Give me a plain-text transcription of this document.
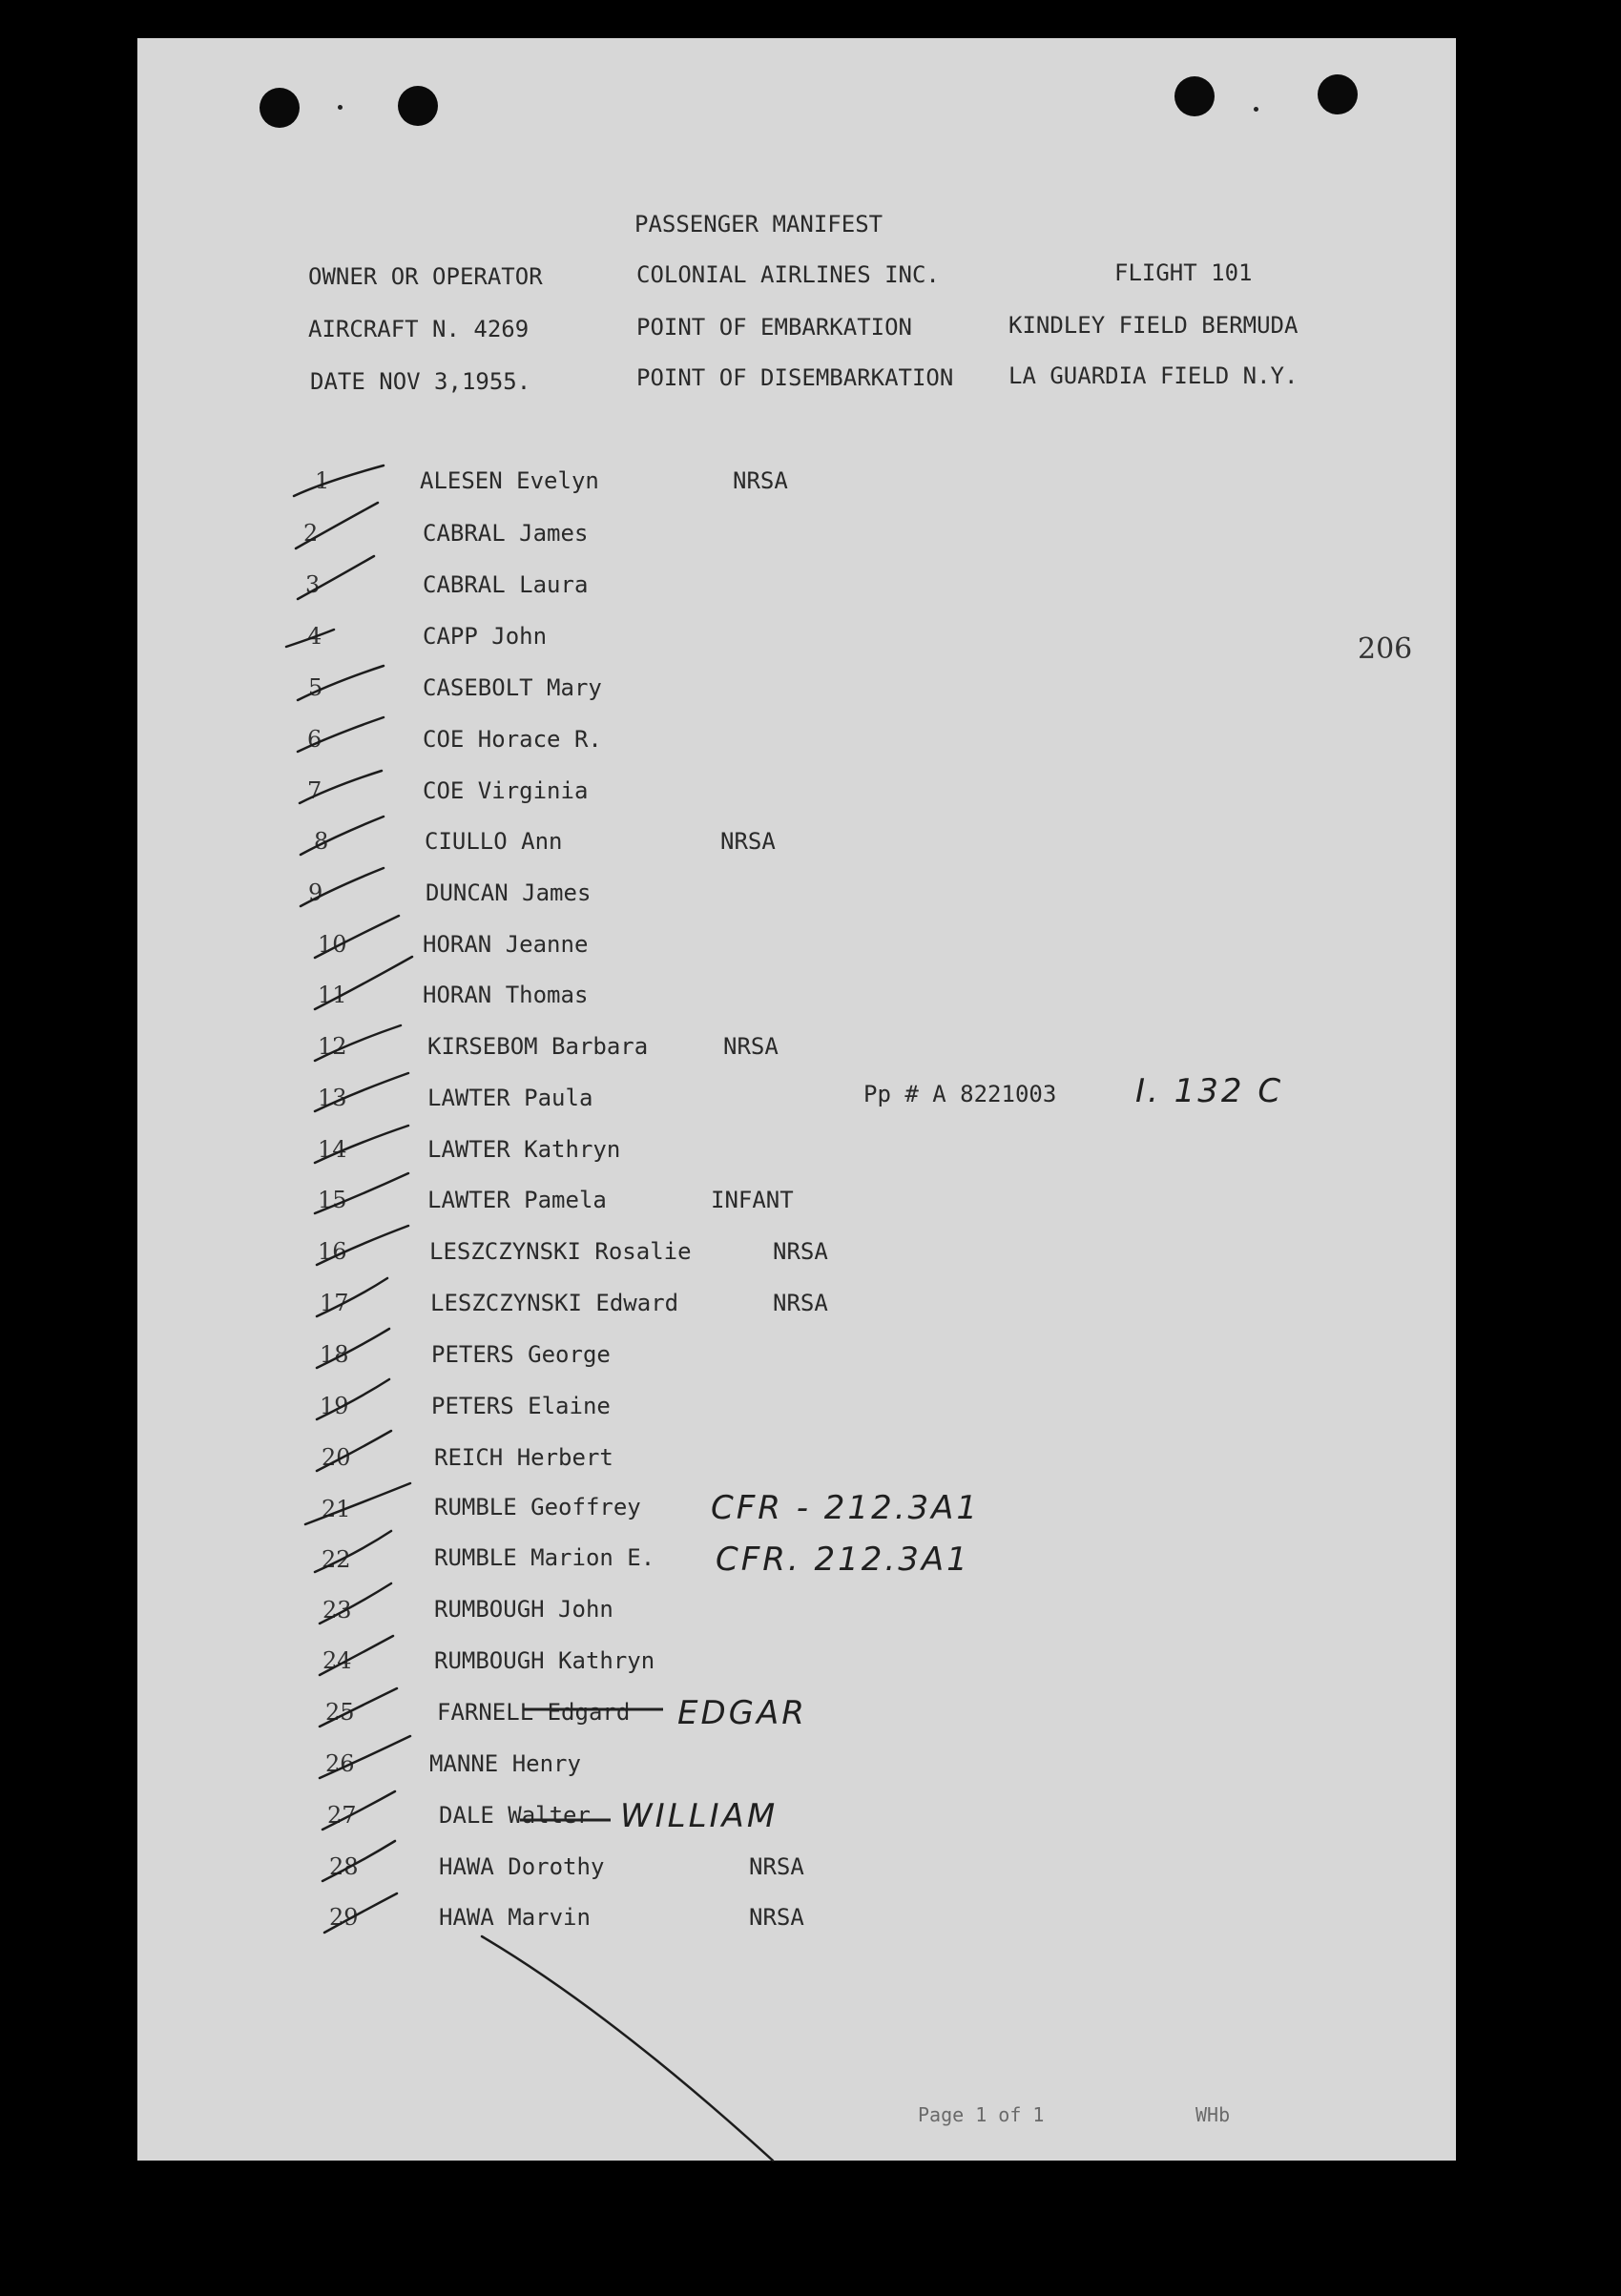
PASSENGER MANIFEST
OWNER OR OPERATOR	COLONIAL AIRLINES INC.	FLIGHT 101
AIRCRAFT N. 4269	POINT OF EMBARKATION	KINDLEY FIELD BERMUDA
DATE NOV 3,1955.	POINT OF DISEMBARKATION LA GUARDIA FIELD N.Y.
206
1	ALESEN Evelyn	NRSA
2	CABRAL James
3	CABRAL Laura
4	CAPP John
5	CASEBOLT Mary
6	COE Horace R.
7	COE Virginia
8	CIULLO Ann	NRSA
9	DUNCAN James
10	HORAN Jeanne
11	HORAN Thomas
12	KIRSEBOM Barbara	NRSA
13	LAWTER Paula	Pp # A 8221003 I. 132 C
14	LAWTER Kathryn
15	LAWTER Pamela	INFANT
16	LESZCZYNSKI Rosalie	NRSA
17	LESZCZYNSKI Edward	NRSA
18	PETERS George
19	PETERS Elaine
20	REICH Herbert
21	RUMBLE Geoffrey CFR - 212.3A1
22	RUMBLE Marion E. CFR. 212.3A1
23	RUMBOUGH John
24	RUMBOUGH Kathryn
25	FARNELL Edgard EDGAR
26	MANNE Henry
27	DALE Walter WILLIAM
28	HAWA Dorothy	NRSA
29	HAWA Marvin	NRSA
Page 1 of 1	WHb
